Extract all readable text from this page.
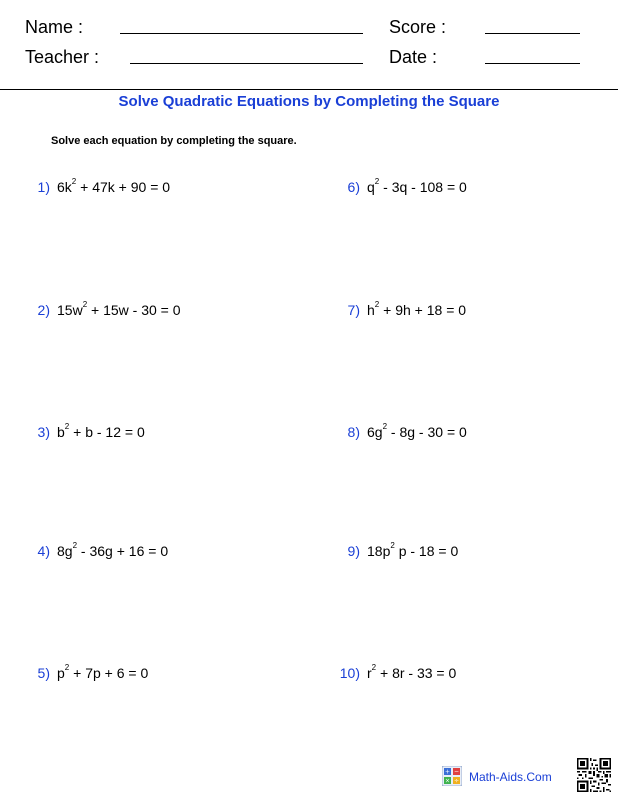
Name :	Score :
Teacher :	Date :
Solve Quadratic Equations by Completing the Square
Solve each equation by completing the square.
1) $6k^2 + 47k + 90 = 0$
2) $15w^2 + 15w - 30 = 0$
3) $b^2 + b - 12 = 0$
4) $8g^2 - 36g + 16 = 0$
5) $p^2 + 7p + 6 = 0$
6) $q^2 - 3q - 108 = 0$
7) $h^2 + 9h + 18 = 0$
8) $6g^2 - 8g - 30 = 0$
9) $18p^2$ p - 18 = 0
10) $r^2 + 8r - 33 = 0$
+ −
× ÷ Math-Aids.Com
